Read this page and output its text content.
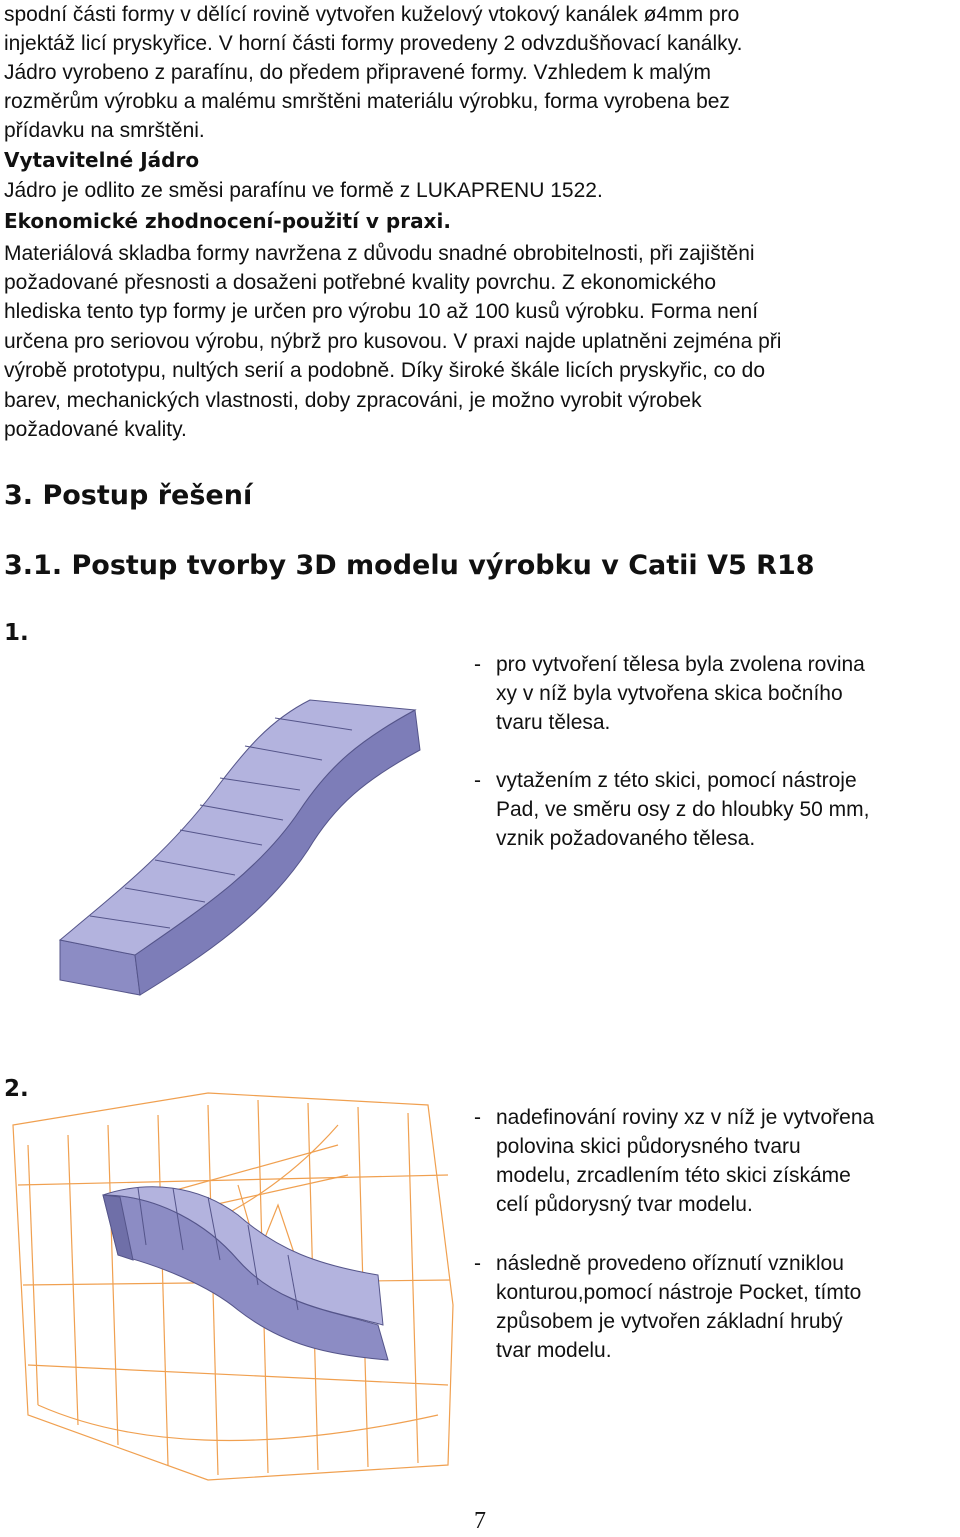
spodní části formy v dělící rovině vytvořen kuželový vtokový kanálek ø4mm pro

injektáž licí pryskyřice. V horní části formy provedeny 2 odvzdušňovací kanálky.

Jádro vyrobeno z parafínu, do předem připravené formy. Vzhledem k malým

rozměrům výrobku a malému smrštěni materiálu výrobku, forma vyrobena bez

přídavku na smrštěni.

Vytavitelné Jádro

Jádro je odlito ze směsi parafínu ve formě z LUKAPRENU 1522.

Ekonomické zhodnocení-použití v praxi.

Materiálová skladba formy navržena z důvodu snadné obrobitelnosti, při zajištěni

požadované přesnosti a dosaženi potřebné kvality povrchu. Z ekonomického

hlediska tento typ formy je určen pro výrobu 10 až 100 kusů výrobku. Forma není

určena pro seriovou výrobu, nýbrž pro kusovou. V praxi najde uplatněni zejména při

výrobě prototypu, nultých serií a podobně. Díky široké škále licích pryskyřic, co do

barev, mechanických vlastnosti, doby zpracováni, je možno vyrobit výrobek

požadované kvality.

3. Postup řešení
3.1. Postup tvorby 3D modelu výrobku v Catii V5 R18

1.

- pro vytvoření tělesa byla zvolena rovina
xy v níž byla vytvořena skica bočního
tvaru tělesa.
- vytažením z této skici, pomocí nástroje
Pad, ve směru osy z do hloubky 50 mm,
vznik požadovaného tělesa.

2.

- nadefinování roviny xz v níž je vytvořena
polovina skici půdorysného tvaru
modelu, zrcadlením této skici získáme
celí půdorysný tvar modelu.
- následně provedeno oříznutí vzniklou
konturou,pomocí nástroje Pocket, tímto
způsobem je vytvořen základní hrubý
tvar modelu.
7
